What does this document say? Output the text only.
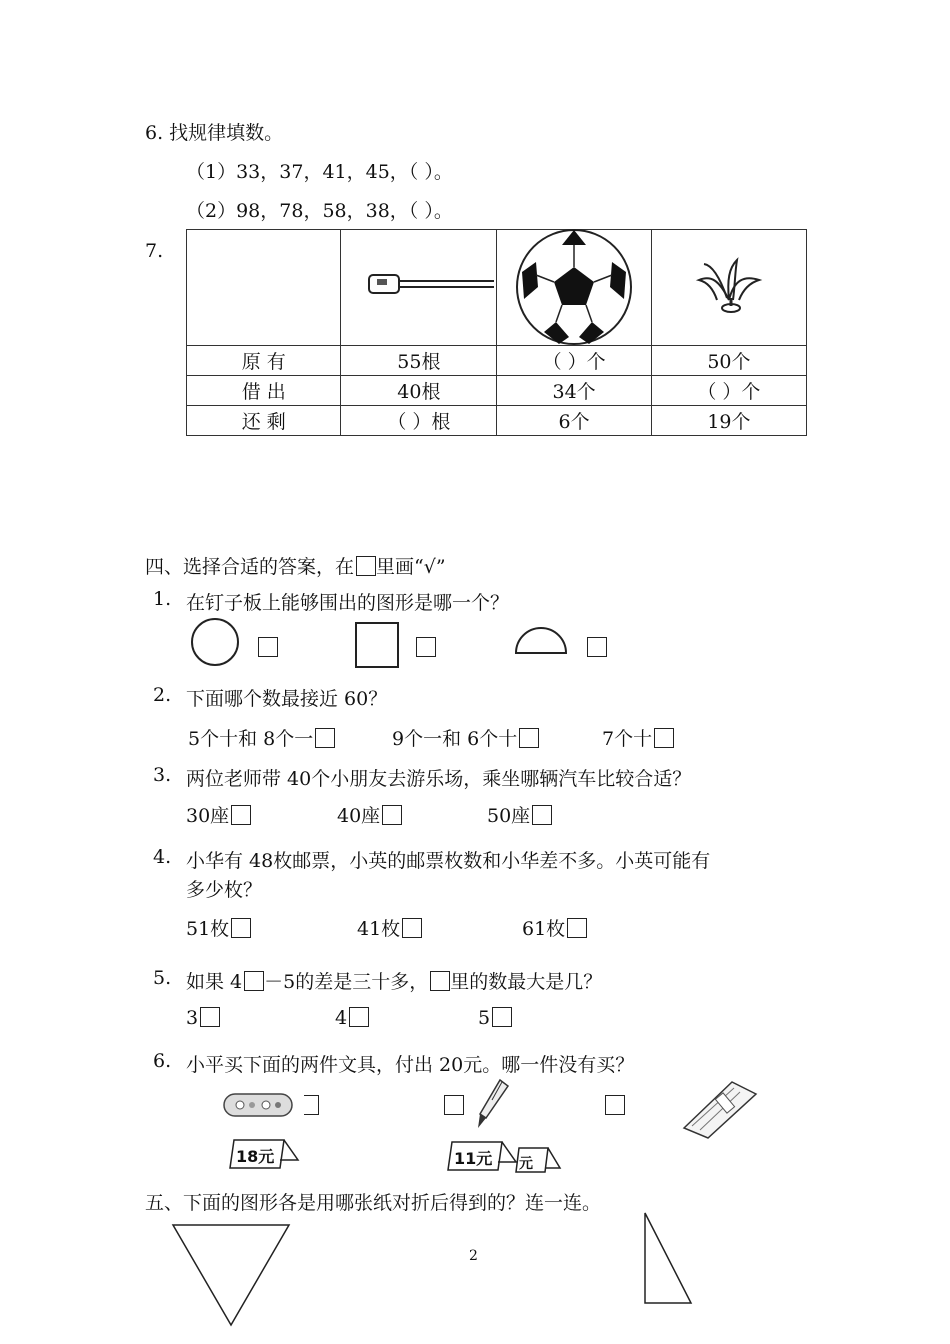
6. 找规律填数。
（1）33，37，41，45，（ ）。
（2）98，78，58，38，（ ）。
7.

原 有	55根	（ ）个	50个
借 出	40根	34个	（ ）个
还 剩	（ ）根	6个	19个
四、选择合适的答案，在 里画“√”
1. 在钉子板上能够围出的图形是哪一个？
2. 下面哪个数最接近 60？
5个十和 8个一	9个一和 6个十	7个十
3. 两位老师带 40个小朋友去游乐场，乘坐哪辆汽车比较合适？
30座	40座	50座
4. 小华有 48枚邮票，小英的邮票枚数和小华差不多。小英可能有
多少枚？
51枚	41枚	61枚
5. 如果 4 －5的差是三十多， 里的数最大是几？
3	4	5
6. 小平买下面的两件文具，付出 20元。哪一件没有买？
18元	11元 元
五、下面的图形各是用哪张纸对折后得到的？连一连。
2
